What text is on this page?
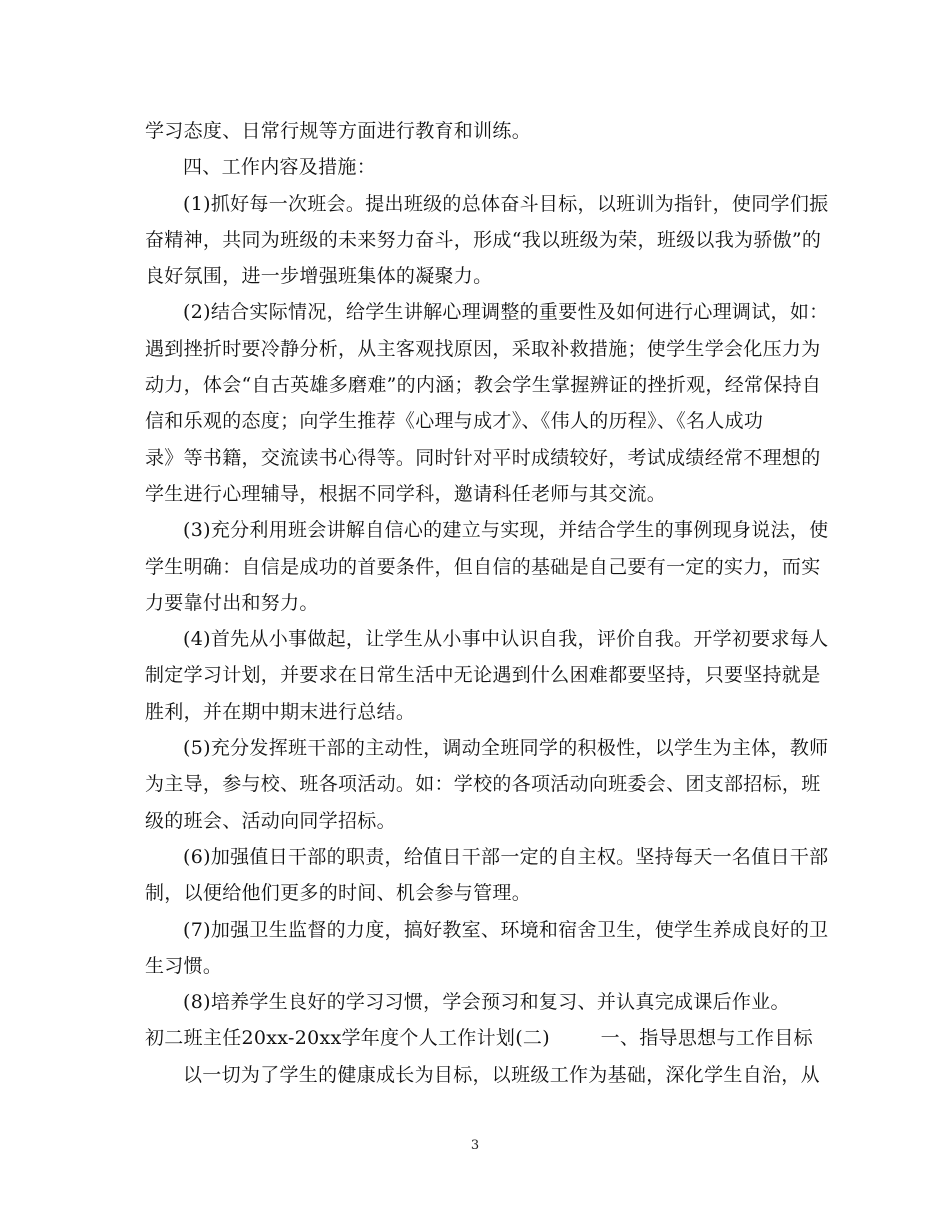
学习态度、日常行规等方面进行教育和训练。
四、工作内容及措施：
(1)抓好每一次班会。提出班级的总体奋斗目标，以班训为指针，使同学们振
奋精神，共同为班级的未来努力奋斗，形成“我以班级为荣，班级以我为骄傲”的
良好氛围，进一步增强班集体的凝聚力。
(2)结合实际情况，给学生讲解心理调整的重要性及如何进行心理调试，如：
遇到挫折时要冷静分析，从主客观找原因，采取补救措施；使学生学会化压力为
动力，体会“自古英雄多磨难”的内涵；教会学生掌握辨证的挫折观，经常保持自
信和乐观的态度；向学生推荐《心理与成才》、《伟人的历程》、《名人成功
录》等书籍，交流读书心得等。同时针对平时成绩较好，考试成绩经常不理想的
学生进行心理辅导，根据不同学科，邀请科任老师与其交流。
(3)充分利用班会讲解自信心的建立与实现，并结合学生的事例现身说法，使
学生明确：自信是成功的首要条件，但自信的基础是自己要有一定的实力，而实
力要靠付出和努力。
(4)首先从小事做起，让学生从小事中认识自我，评价自我。开学初要求每人
制定学习计划，并要求在日常生活中无论遇到什么困难都要坚持，只要坚持就是
胜利，并在期中期末进行总结。
(5)充分发挥班干部的主动性，调动全班同学的积极性，以学生为主体，教师
为主导，参与校、班各项活动。如：学校的各项活动向班委会、团支部招标，班
级的班会、活动向同学招标。
(6)加强值日干部的职责，给值日干部一定的自主权。坚持每天一名值日干部
制，以便给他们更多的时间、机会参与管理。
(7)加强卫生监督的力度，搞好教室、环境和宿舍卫生，使学生养成良好的卫
生习惯。
(8)培养学生良好的学习习惯，学会预习和复习、并认真完成课后作业。
初二班主任20xx-20xx学年度个人工作计划(二)        一、指导思想与工作目标
以一切为了学生的健康成长为目标，以班级工作为基础，深化学生自治，从
3
